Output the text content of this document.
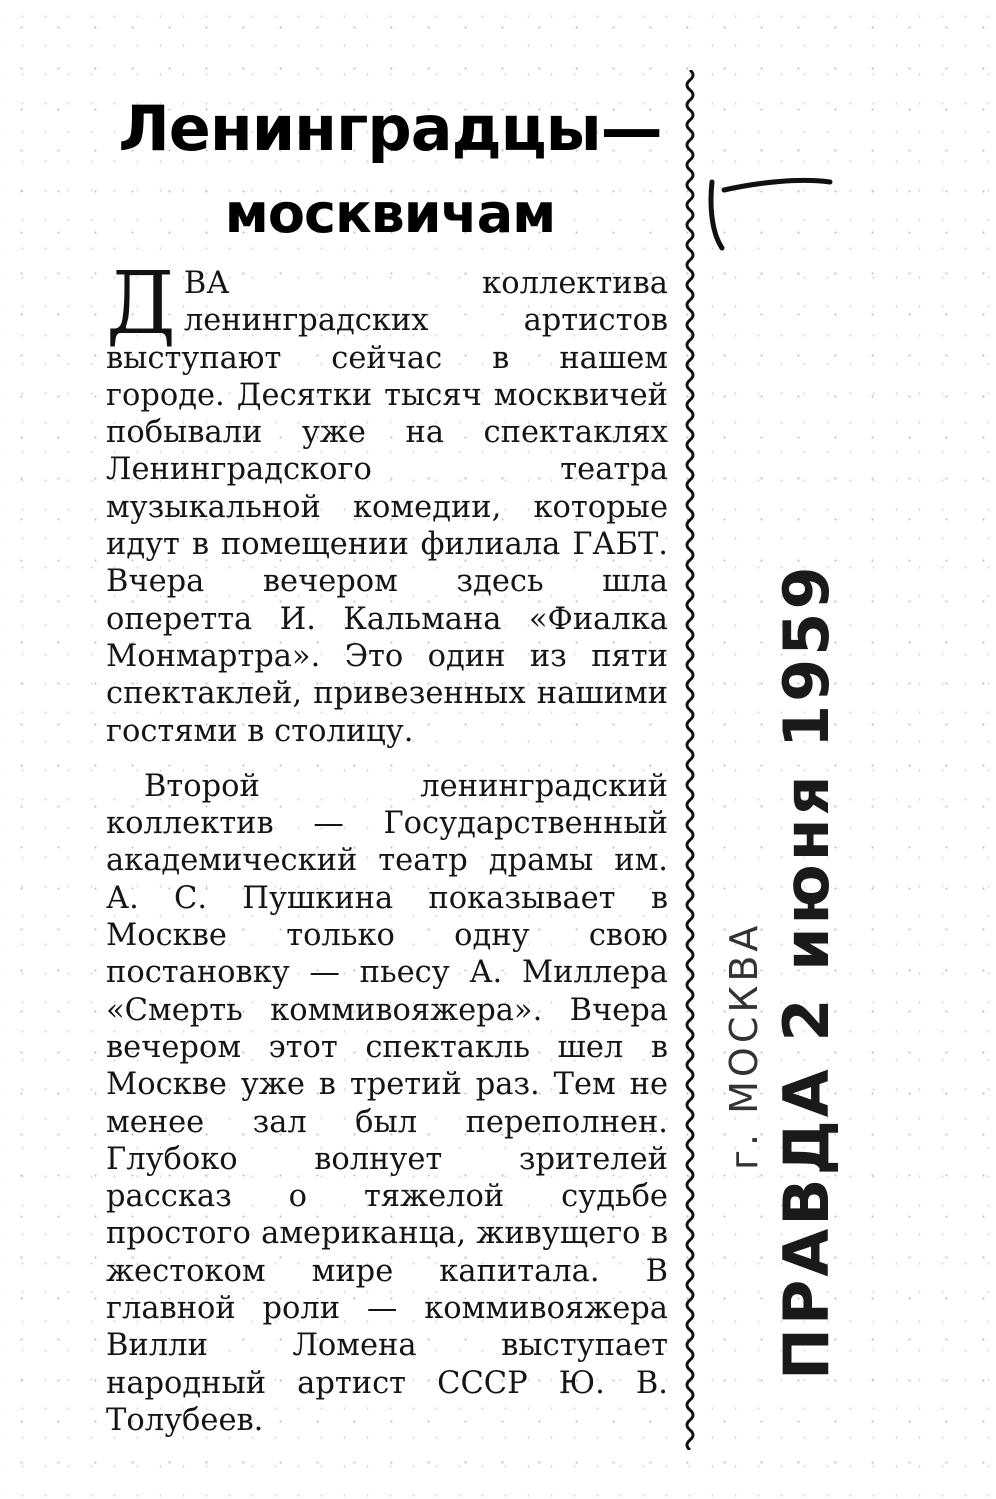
Ленинградцы—
москвичам

Д ВА коллектива ленинградских артистов выступают сейчас в нашем городе. Десятки тысяч москвичей побывали уже на спектаклях Ленинградского театра музыкальной комедии, которые идут в помещении филиала ГАБТ. Вчера вечером здесь шла оперетта И. Кальмана «Фиалка Монмартра». Это один из пяти спектаклей, привезенных нашими гостями в столицу.

Второй ленинградский коллектив — Государственный академический театр драмы им. А. С. Пушкина показывает в Москве только одну свою постановку — пьесу А. Миллера «Смерть коммивояжера». Вчера вечером этот спектакль шел в Москве уже в третий раз. Тем не менее зал был переполнен. Глубоко волнует зрителей рассказ о тяжелой судьбе простого американца, живущего в жестоком мире капитала. В главной роли — коммивояжера Вилли Ломена выступает народный артист СССР Ю. В. Толубеев.

ПРАВДА 2 июня 1959
г. МОСКВА
